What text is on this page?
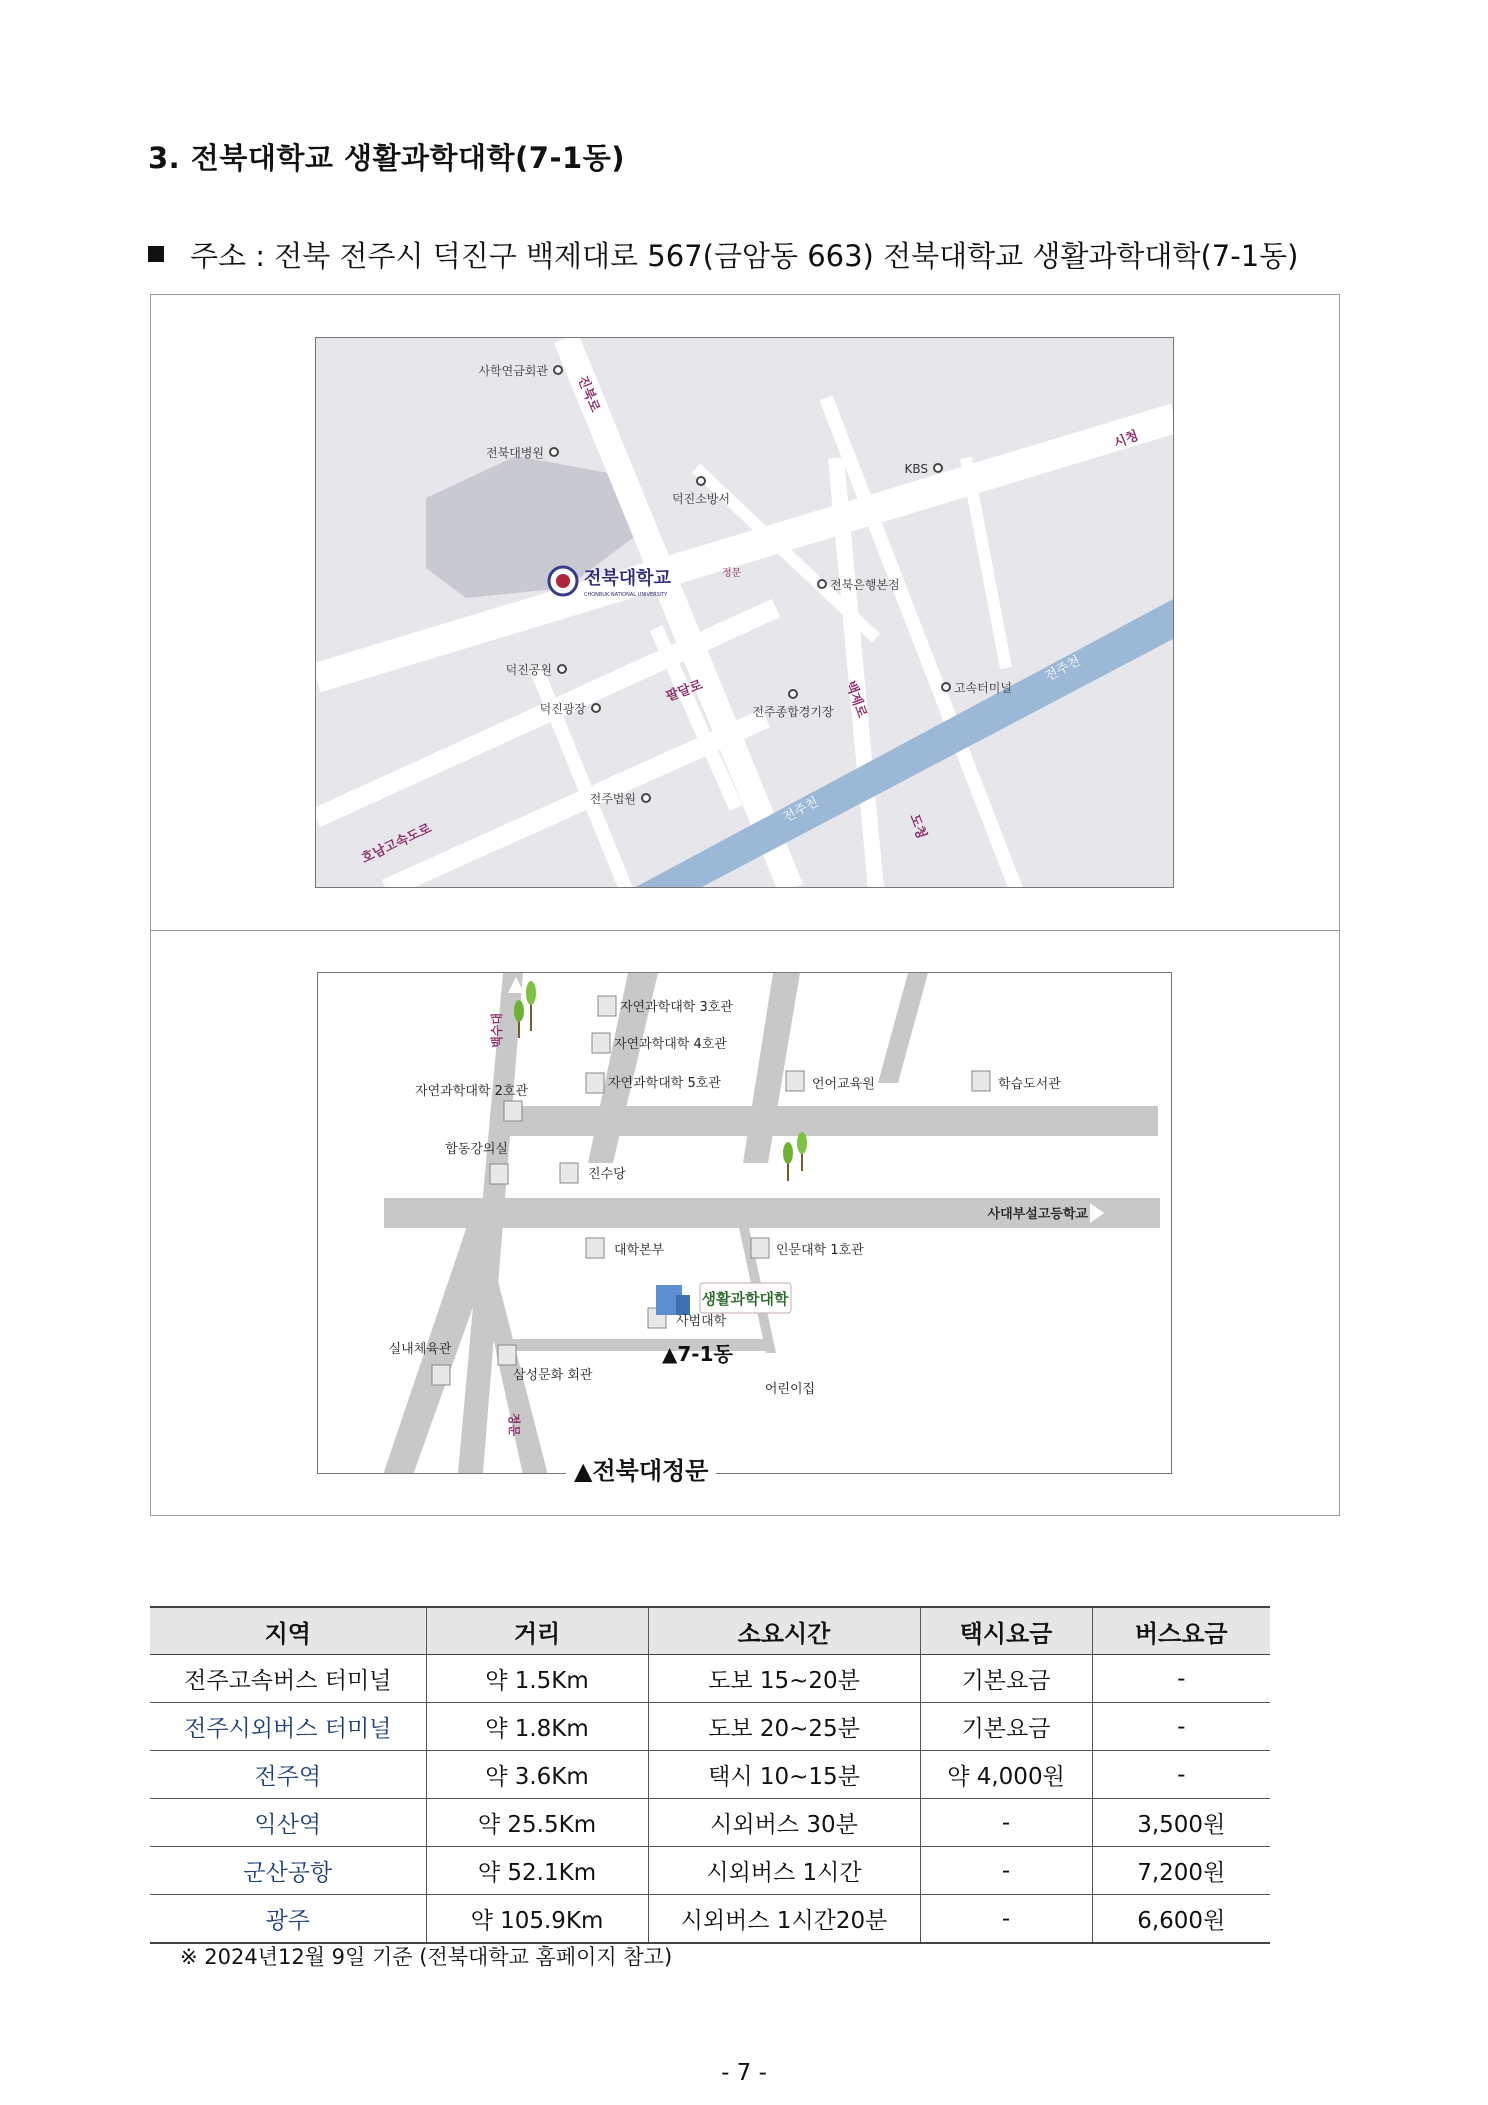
3. 전북대학교 생활과학대학(7-1동)
주소 : 전북 전주시 덕진구 백제대로 567(금암동 663) 전북대학교 생활과학대학(7-1동)
사학연금회관
전북대병원
덕진소방서
KBS
전북은행본점
덕진공원
덕진광장	전주종합경기장
고속터미널
전주법원
진북로
시청
팔달로	백제로
도청
호남고속도로
전주천
전주천
정문
전북대학교
CHONBUK NATIONAL UNIVERSITY
자연과학대학 3호관
자연과학대학 4호관
자연과학대학 5호관
자연과학대학 2호관	언어교육원	학습도서관
합동강의실
진수당
대학본부	인문대학 1호관
사범대학
실내체육관
삼성문화 회관
어린이집
사대부설고등학교
생활과학대학
▲7-1동
백수대
정문
▲전북대정문
지역	거리	소요시간	택시요금	버스요금
전주고속버스 터미널	약 1.5Km	도보 15~20분	기본요금	-
전주시외버스 터미널	약 1.8Km	도보 20~25분	기본요금	-
전주역	약 3.6Km	택시 10~15분	약 4,000원	-
익산역	약 25.5Km	시외버스 30분	-	3,500원
군산공항	약 52.1Km	시외버스 1시간	-	7,200원
광주	약 105.9Km	시외버스 1시간20분	-	6,600원
※ 2024년12월 9일 기준 (전북대학교 홈페이지 참고)
- 7 -
